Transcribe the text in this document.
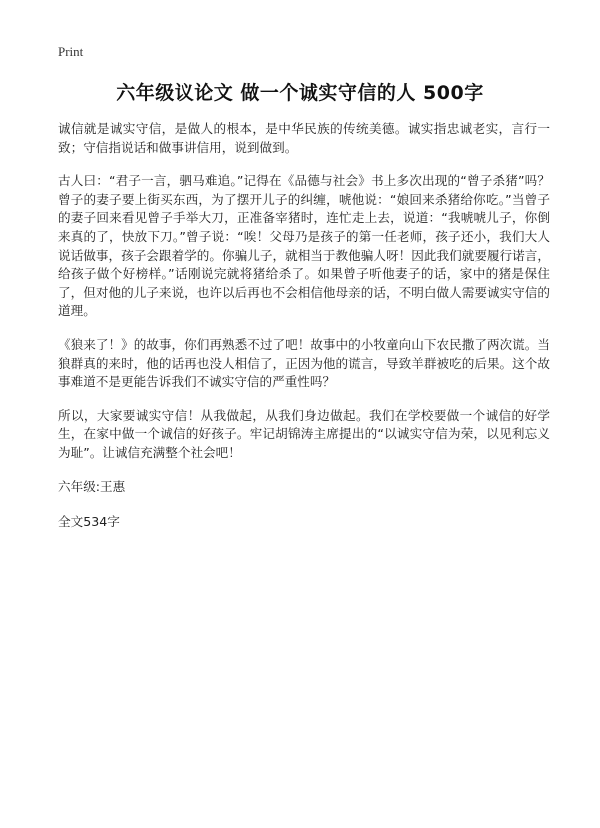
Print
六年级议论文 做一个诚实守信的人 500字

诚信就是诚实守信，是做人的根本，是中华民族的传统美德。诚实指忠诚老实，言行一致；守信指说话和做事讲信用，说到做到。

古人曰：“君子一言，驷马难追。”记得在《品德与社会》书上多次出现的“曾子杀猪”吗？曾子的妻子要上街买东西，为了摆开儿子的纠缠，唬他说：“娘回来杀猪给你吃。”当曾子的妻子回来看见曾子手举大刀，正准备宰猪时，连忙走上去，说道：“我唬唬儿子，你倒来真的了，快放下刀。”曾子说：“唉！父母乃是孩子的第一任老师，孩子还小，我们大人说话做事，孩子会跟着学的。你骗儿子，就相当于教他骗人呀！因此我们就要履行诺言，给孩子做个好榜样。”话刚说完就将猪给杀了。如果曾子听他妻子的话，家中的猪是保住了，但对他的儿子来说，也许以后再也不会相信他母亲的话，不明白做人需要诚实守信的道理。

《狼来了！》的故事，你们再熟悉不过了吧！故事中的小牧童向山下农民撒了两次谎。当狼群真的来时，他的话再也没人相信了，正因为他的谎言，导致羊群被吃的后果。这个故事难道不是更能告诉我们不诚实守信的严重性吗？

所以，大家要诚实守信！从我做起，从我们身边做起。我们在学校要做一个诚信的好学生，在家中做一个诚信的好孩子。牢记胡锦涛主席提出的“以诚实守信为荣，以见利忘义为耻”。让诚信充满整个社会吧！

六年级:王惠

全文534字
